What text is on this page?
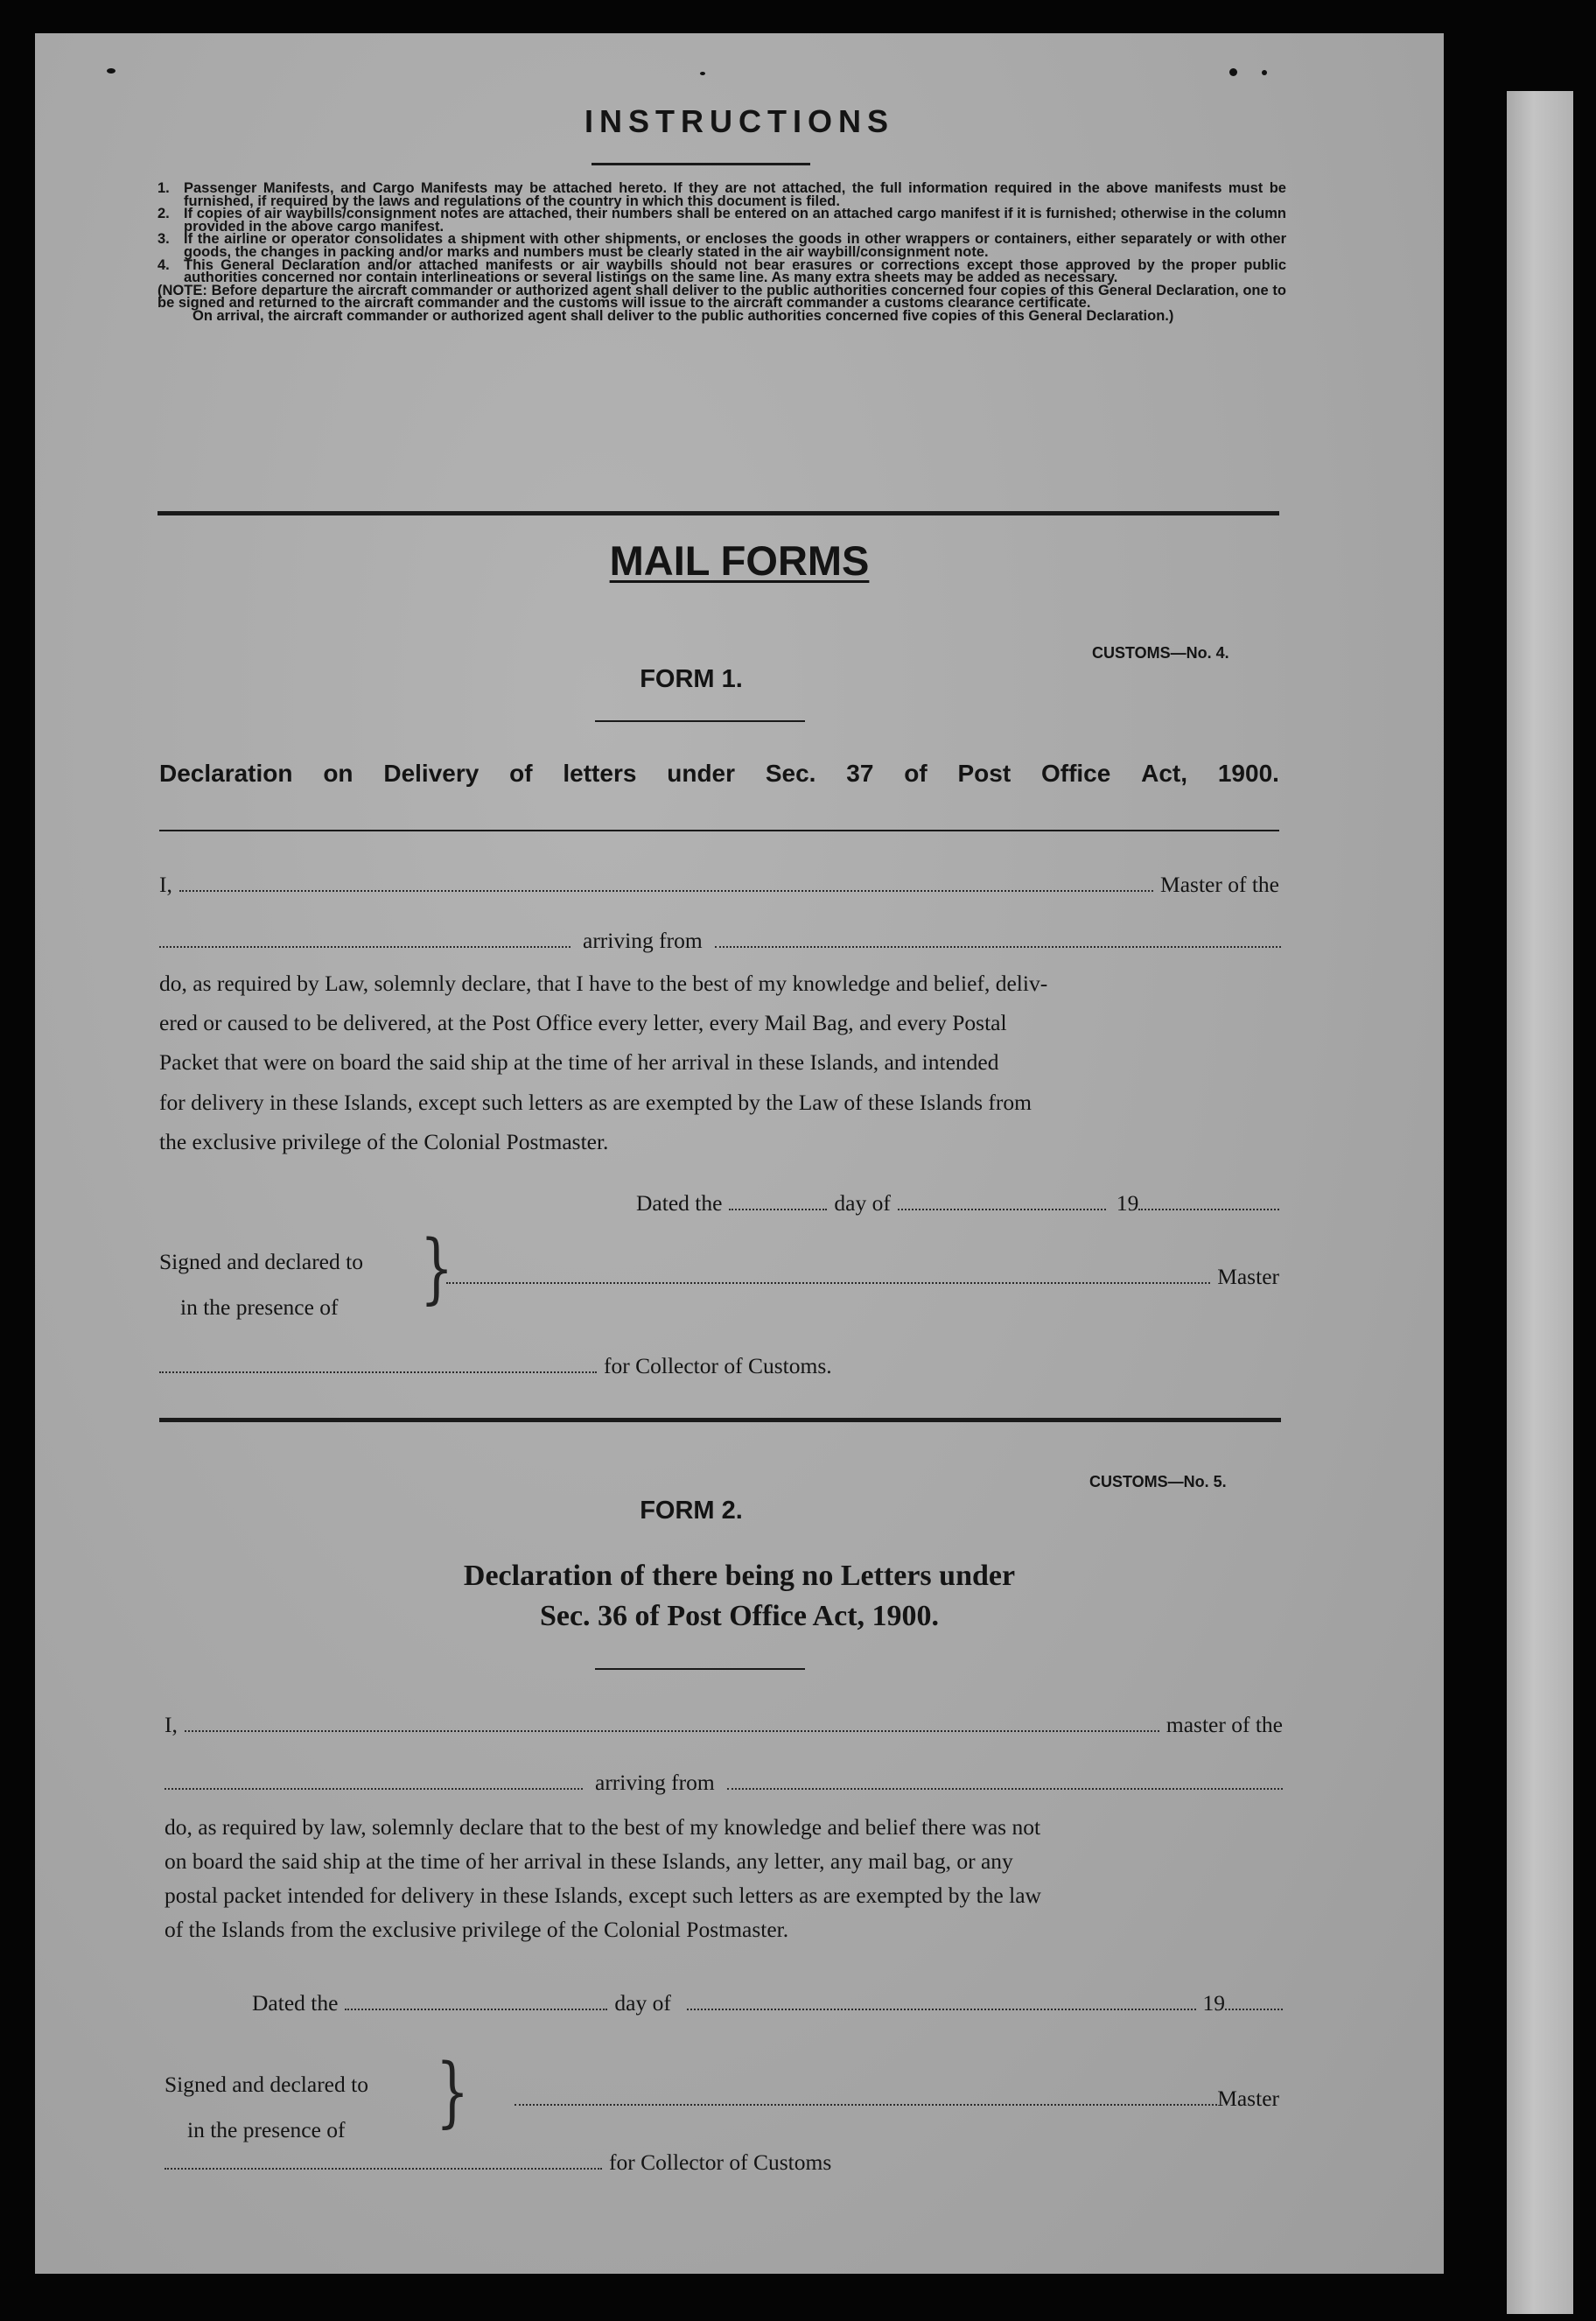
INSTRUCTIONS
1. Passenger Manifests, and Cargo Manifests may be attached hereto. If they are not attached, the full information required in the above manifests must be furnished, if required by the laws and regulations of the country in which this document is filed.
2. If copies of air waybills/consignment notes are attached, their numbers shall be entered on an attached cargo manifest if it is furnished; otherwise in the column provided in the above cargo manifest.
3. If the airline or operator consolidates a shipment with other shipments, or encloses the goods in other wrappers or containers, either separately or with other goods, the changes in packing and/or marks and numbers must be clearly stated in the air waybill/consignment note.
4. This General Declaration and/or attached manifests or air waybills should not bear erasures or corrections except those approved by the proper public authorities concerned nor contain interlineations or several listings on the same line. As many extra sheets may be added as necessary.
(NOTE: Before departure the aircraft commander or authorized agent shall deliver to the public authorities concerned four copies of this General Declaration, one to be signed and returned to the aircraft commander and the customs will issue to the aircraft commander a customs clearance certificate.
On arrival, the aircraft commander or authorized agent shall deliver to the public authorities concerned five copies of this General Declaration.)
MAIL FORMS
CUSTOMS—No. 4.
FORM 1.
Declaration on Delivery of letters under Sec. 37 of Post Office Act, 1900.
I,	Master of the
arriving from
do, as required by Law, solemnly declare, that I have to the best of my knowledge and belief, deliv-
ered or caused to be delivered, at the Post Office every letter, every Mail Bag, and every Postal
Packet that were on board the said ship at the time of her arrival in these Islands, and intended
for delivery in these Islands, except such letters as are exempted by the Law of these Islands from
the exclusive privilege of the Colonial Postmaster.
Dated the	day of	19
Signed and declared to
in the presence of	}	Master
for Collector of Customs.
CUSTOMS—No. 5.
FORM 2.
Declaration of there being no Letters under
Sec. 36 of Post Office Act, 1900.
I,	master of the
arriving from
do, as required by law, solemnly declare that to the best of my knowledge and belief there was not
on board the said ship at the time of her arrival in these Islands, any letter, any mail bag, or any
postal packet intended for delivery in these Islands, except such letters as are exempted by the law
of the Islands from the exclusive privilege of the Colonial Postmaster.
Dated the	day of	19
Signed and declared to
in the presence of	}	Master
for Collector of Customs
